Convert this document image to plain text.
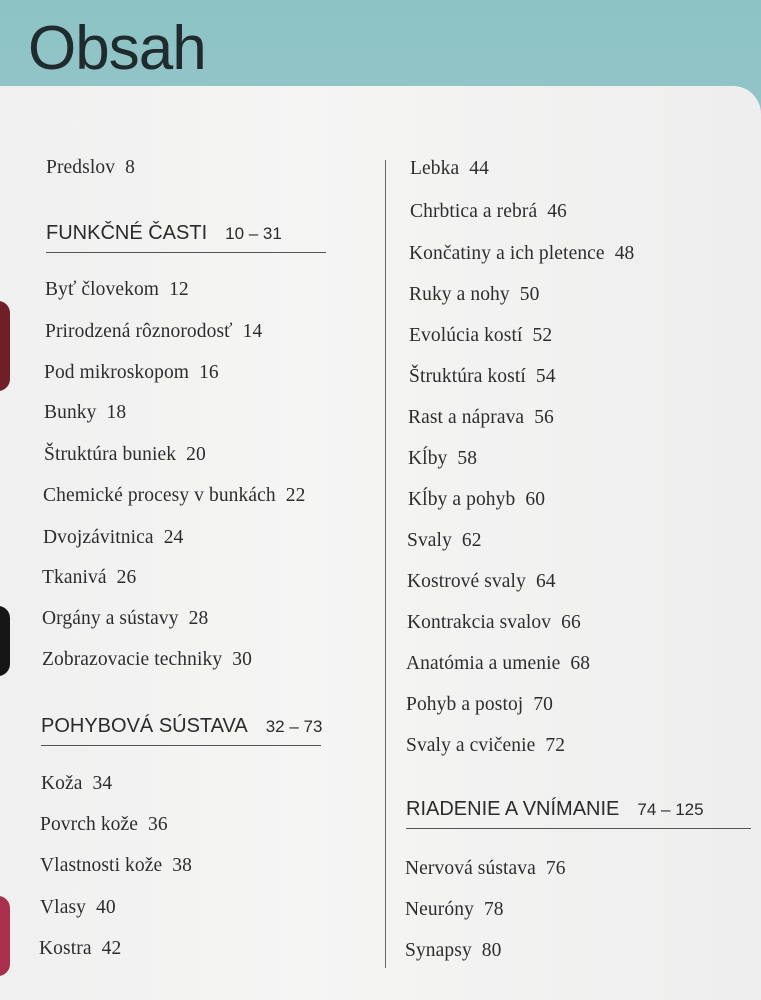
Obsah
Predslov 8
FUNKČNÉ ČASTI 10 – 31
Byť človekom 12
Prirodzená rôznorodosť 14
Pod mikroskopom 16
Bunky 18
Štruktúra buniek 20
Chemické procesy v bunkách 22
Dvojzávitnica 24
Tkanivá 26
Orgány a sústavy 28
Zobrazovacie techniky 30
POHYBOVÁ SÚSTAVA 32 – 73
Koža 34
Povrch kože 36
Vlastnosti kože 38
Vlasy 40
Kostra 42
Lebka 44
Chrbtica a rebrá 46
Končatiny a ich pletence 48
Ruky a nohy 50
Evolúcia kostí 52
Štruktúra kostí 54
Rast a náprava 56
Kĺby 58
Kĺby a pohyb 60
Svaly 62
Kostrové svaly 64
Kontrakcia svalov 66
Anatómia a umenie 68
Pohyb a postoj 70
Svaly a cvičenie 72
RIADENIE A VNÍMANIE 74 – 125
Nervová sústava 76
Neuróny 78
Synapsy 80
